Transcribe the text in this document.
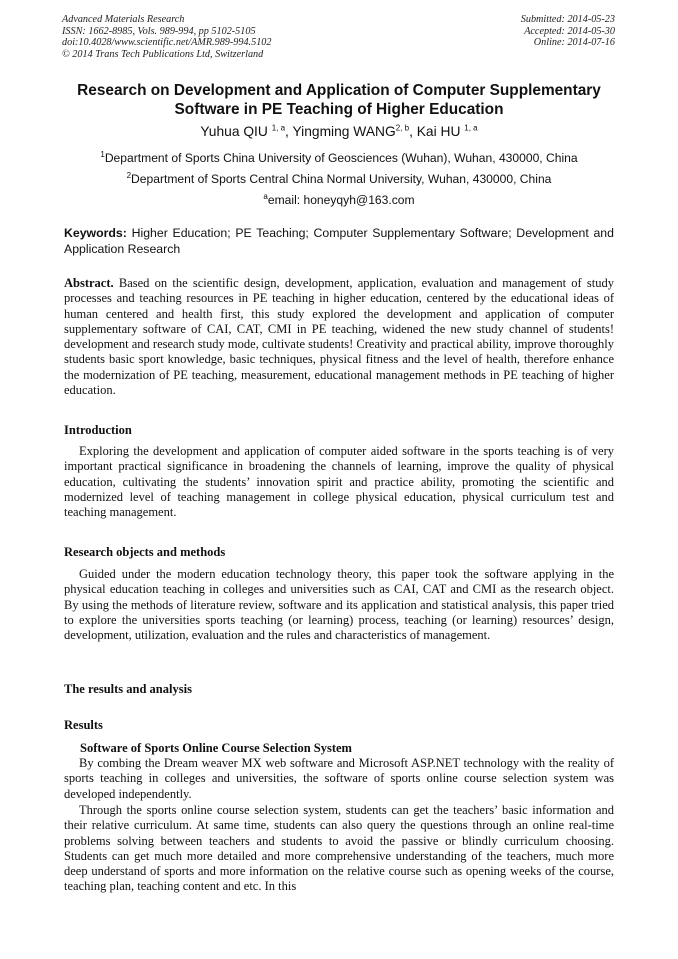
Advanced Materials Research
ISSN: 1662-8985, Vols. 989-994, pp 5102-5105
doi:10.4028/www.scientific.net/AMR.989-994.5102
© 2014 Trans Tech Publications Ltd, Switzerland
Submitted: 2014-05-23
Accepted: 2014-05-30
Online: 2014-07-16
Research on Development and Application of Computer Supplementary
Software in PE Teaching of Higher Education
Yuhua QIU $^{1, a}$, Yingming WANG$^{2, b}$, Kai HU $^{1, a}$
$^1$Department of Sports China University of Geosciences (Wuhan), Wuhan, 430000, China
$^2$Department of Sports Central China Normal University, Wuhan, 430000, China
$^a$email: honeyqyh@163.com
Keywords: Higher Education; PE Teaching; Computer Supplementary Software; Development and Application Research

Abstract. Based on the scientific design, development, application, evaluation and management of study processes and teaching resources in PE teaching in higher education, centered by the educational ideas of human centered and health first, this study explored the development and application of computer supplementary software of CAI, CAT, CMI in PE teaching, widened the new study channel of students! development and research study mode, cultivate students! Creativity and practical ability, improve thoroughly students basic sport knowledge, basic techniques, physical fitness and the level of health, therefore enhance the modernization of PE teaching, measurement, educational management methods in PE teaching of higher education.

Introduction
Exploring the development and application of computer aided software in the sports teaching is of very important practical significance in broadening the channels of learning, improve the quality of physical education, cultivating the students’ innovation spirit and practice ability, promoting the scientific and modernized level of teaching management in college physical education, physical curriculum test and teaching management.
Research objects and methods
Guided under the modern education technology theory, this paper took the software applying in the physical education teaching in colleges and universities such as CAI, CAT and CMI as the research object. By using the methods of literature review, software and its application and statistical analysis, this paper tried to explore the universities sports teaching (or learning) process, teaching (or learning) resources’ design, development, utilization, evaluation and the rules and characteristics of management.
The results and analysis
Results
Software of Sports Online Course Selection System
By combing the Dream weaver MX web software and Microsoft ASP.NET technology with the reality of sports teaching in colleges and universities, the software of sports online course selection system was developed independently.
Through the sports online course selection system, students can get the teachers’ basic information and their relative curriculum. At same time, students can also query the questions through an online real-time problems solving between teachers and students to avoid the passive or blindly curriculum choosing. Students can get much more detailed and more comprehensive understanding of the teachers, much more deep understand of sports and more information on the relative course such as opening weeks of the course, teaching plan, teaching content and etc. In this
